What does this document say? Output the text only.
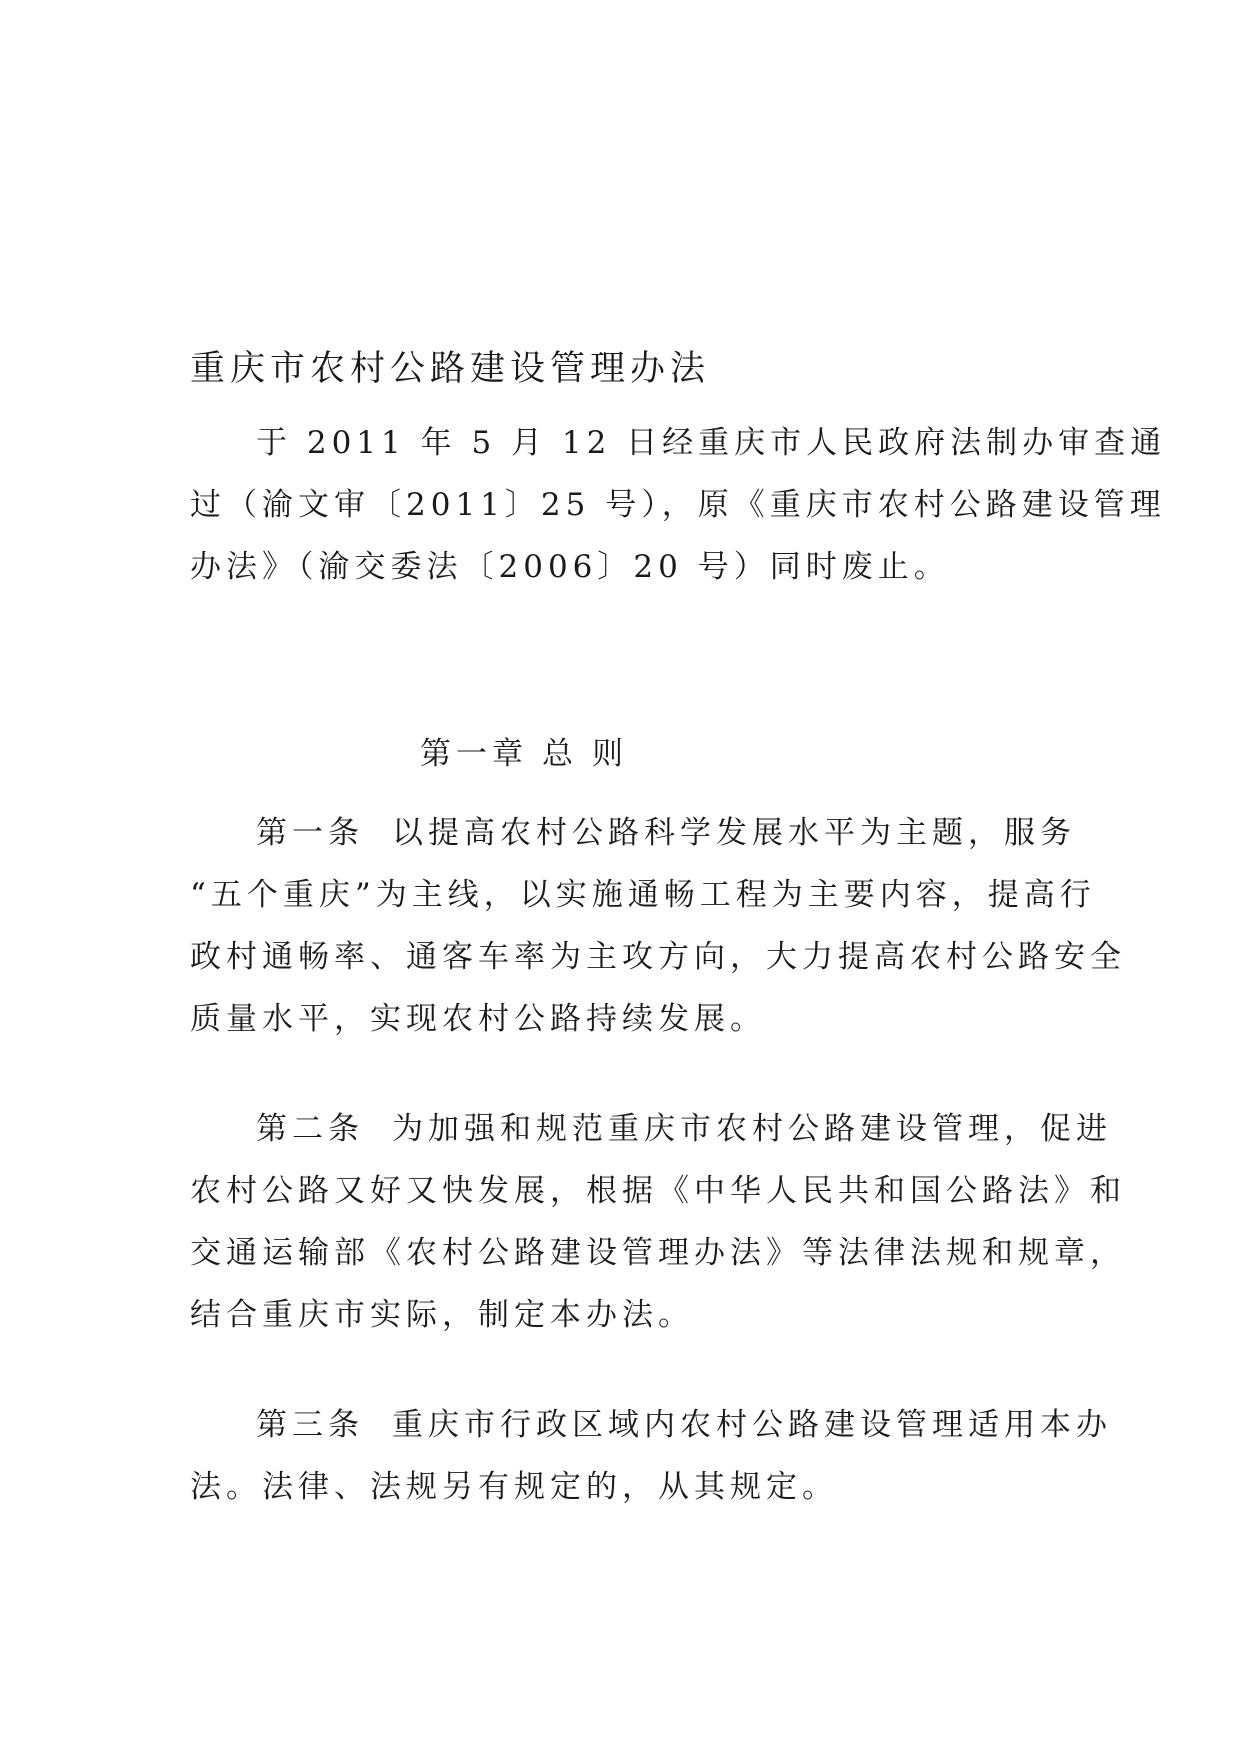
重庆市农村公路建设管理办法
于 2011 年 5 月 12 日经重庆市人民政府法制办审查通
过（渝文审〔2011〕25 号），原《重庆市农村公路建设管理
办法》（渝交委法〔2006〕20 号）同时废止。
第一章 总 则
第一条 以提高农村公路科学发展水平为主题，服务
“五个重庆”为主线，以实施通畅工程为主要内容，提高行
政村通畅率、通客车率为主攻方向，大力提高农村公路安全
质量水平，实现农村公路持续发展。
第二条 为加强和规范重庆市农村公路建设管理，促进
农村公路又好又快发展，根据《中华人民共和国公路法》和
交通运输部《农村公路建设管理办法》等法律法规和规章，
结合重庆市实际，制定本办法。
第三条 重庆市行政区域内农村公路建设管理适用本办
法。法律、法规另有规定的，从其规定。
